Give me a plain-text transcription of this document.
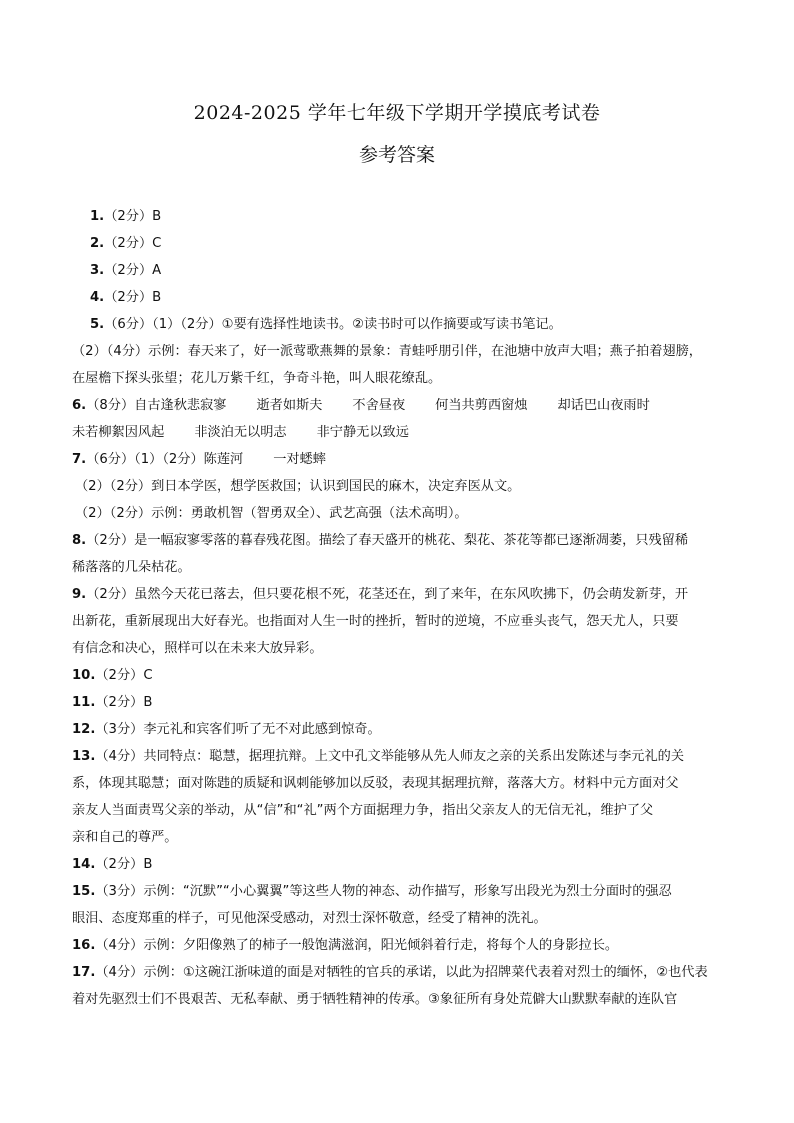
2024-2025 学年七年级下学期开学摸底考试卷
参考答案
1.（2分）B
2.（2分）C
3.（2分）A
4.（2分）B
5.（6分）（1）（2分）①要有选择性地读书。②读书时可以作摘要或写读书笔记。
（2）（4分）示例：春天来了，好一派莺歌燕舞的景象：青蛙呼朋引伴，在池塘中放声大唱；燕子拍着翅膀，
在屋檐下探头张望；花儿万紫千红，争奇斗艳，叫人眼花缭乱。
6.（8分）自古逢秋悲寂寥 逝者如斯夫 不舍昼夜 何当共剪西窗烛 却话巴山夜雨时
未若柳絮因风起 非淡泊无以明志 非宁静无以致远
7.（6分）（1）（2分）陈莲河 一对蟋蟀
（2）（2分）到日本学医，想学医救国；认识到国民的麻木，决定弃医从文。
（2）（2分）示例：勇敢机智（智勇双全）、武艺高强（法术高明）。
8.（2分）是一幅寂寥零落的暮春残花图。描绘了春天盛开的桃花、梨花、茶花等都已逐渐凋萎，只残留稀
稀落落的几朵枯花。
9.（2分）虽然今天花已落去，但只要花根不死，花茎还在，到了来年，在东风吹拂下，仍会萌发新芽，开
出新花，重新展现出大好春光。也指面对人生一时的挫折，暂时的逆境，不应垂头丧气，怨天尤人，只要
有信念和决心，照样可以在未来大放异彩。
10.（2分）C
11.（2分）B
12.（3分）李元礼和宾客们听了无不对此感到惊奇。
13.（4分）共同特点：聪慧，据理抗辩。上文中孔文举能够从先人师友之亲的关系出发陈述与李元礼的关
系，体现其聪慧；面对陈韪的质疑和讽刺能够加以反驳，表现其据理抗辩，落落大方。材料中元方面对父
亲友人当面责骂父亲的举动，从“信”和“礼”两个方面据理力争，指出父亲友人的无信无礼，维护了父
亲和自己的尊严。
14.（2分）B
15.（3分）示例：“沉默”“小心翼翼”等这些人物的神态、动作描写，形象写出段光为烈士分面时的强忍
眼泪、态度郑重的样子，可见他深受感动，对烈士深怀敬意，经受了精神的洗礼。
16.（4分）示例：夕阳像熟了的柿子一般饱满滋润，阳光倾斜着行走，将每个人的身影拉长。
17.（4分）示例：①这碗江浙味道的面是对牺牲的官兵的承诺，以此为招牌菜代表着对烈士的缅怀，②也代表
着对先驱烈士们不畏艰苦、无私奉献、勇于牺牲精神的传承。③象征所有身处荒僻大山默默奉献的连队官
